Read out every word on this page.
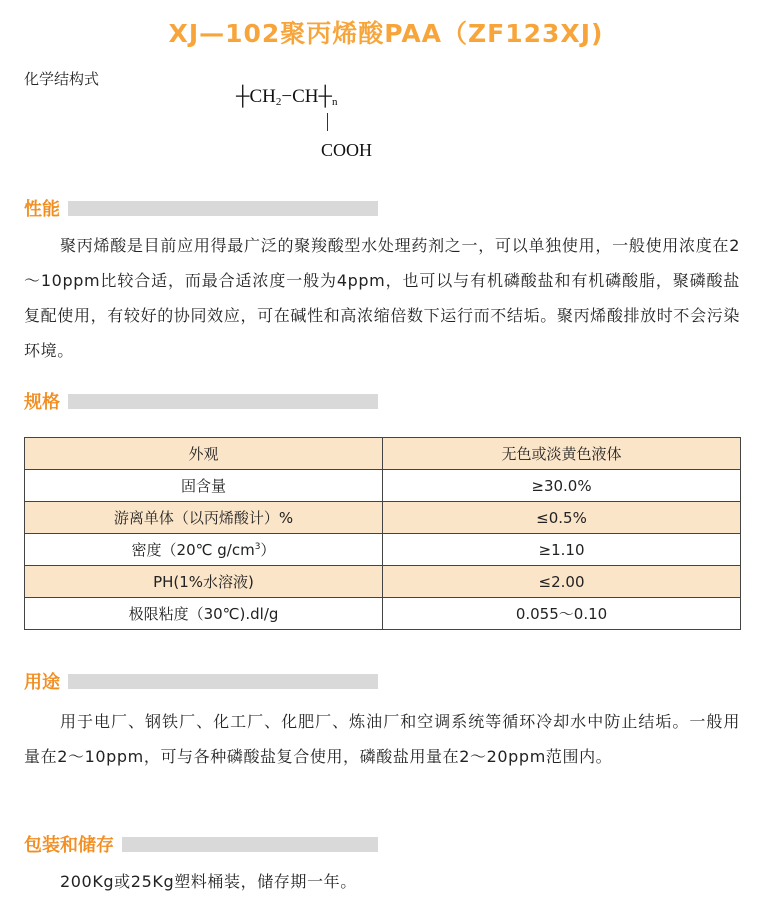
XJ—102聚丙烯酸PAA（ZF123XJ)
化学结构式
┼CH2−CH┼n
COOH
性能
聚丙烯酸是目前应用得最广泛的聚羧酸型水处理药剂之一，可以单独使用，一般使用浓度在2～10ppm比较合适，而最合适浓度一般为4ppm，也可以与有机磷酸盐和有机磷酸脂，聚磷酸盐复配使用，有较好的协同效应，可在碱性和高浓缩倍数下运行而不结垢。聚丙烯酸排放时不会污染环境。
规格
外观	无色或淡黄色液体
固含量	≥30.0%
游离单体（以丙烯酸计）%	≤0.5%
密度（20℃ $g/cm^3$）	≥1.10
PH(1%水溶液)	≤2.00
极限粘度（30℃).dl/g	0.055～0.10
用途
用于电厂、钢铁厂、化工厂、化肥厂、炼油厂和空调系统等循环冷却水中防止结垢。一般用量在2～10ppm，可与各种磷酸盐复合使用，磷酸盐用量在2～20ppm范围内。
包装和储存
200Kg或25Kg塑料桶装，储存期一年。
